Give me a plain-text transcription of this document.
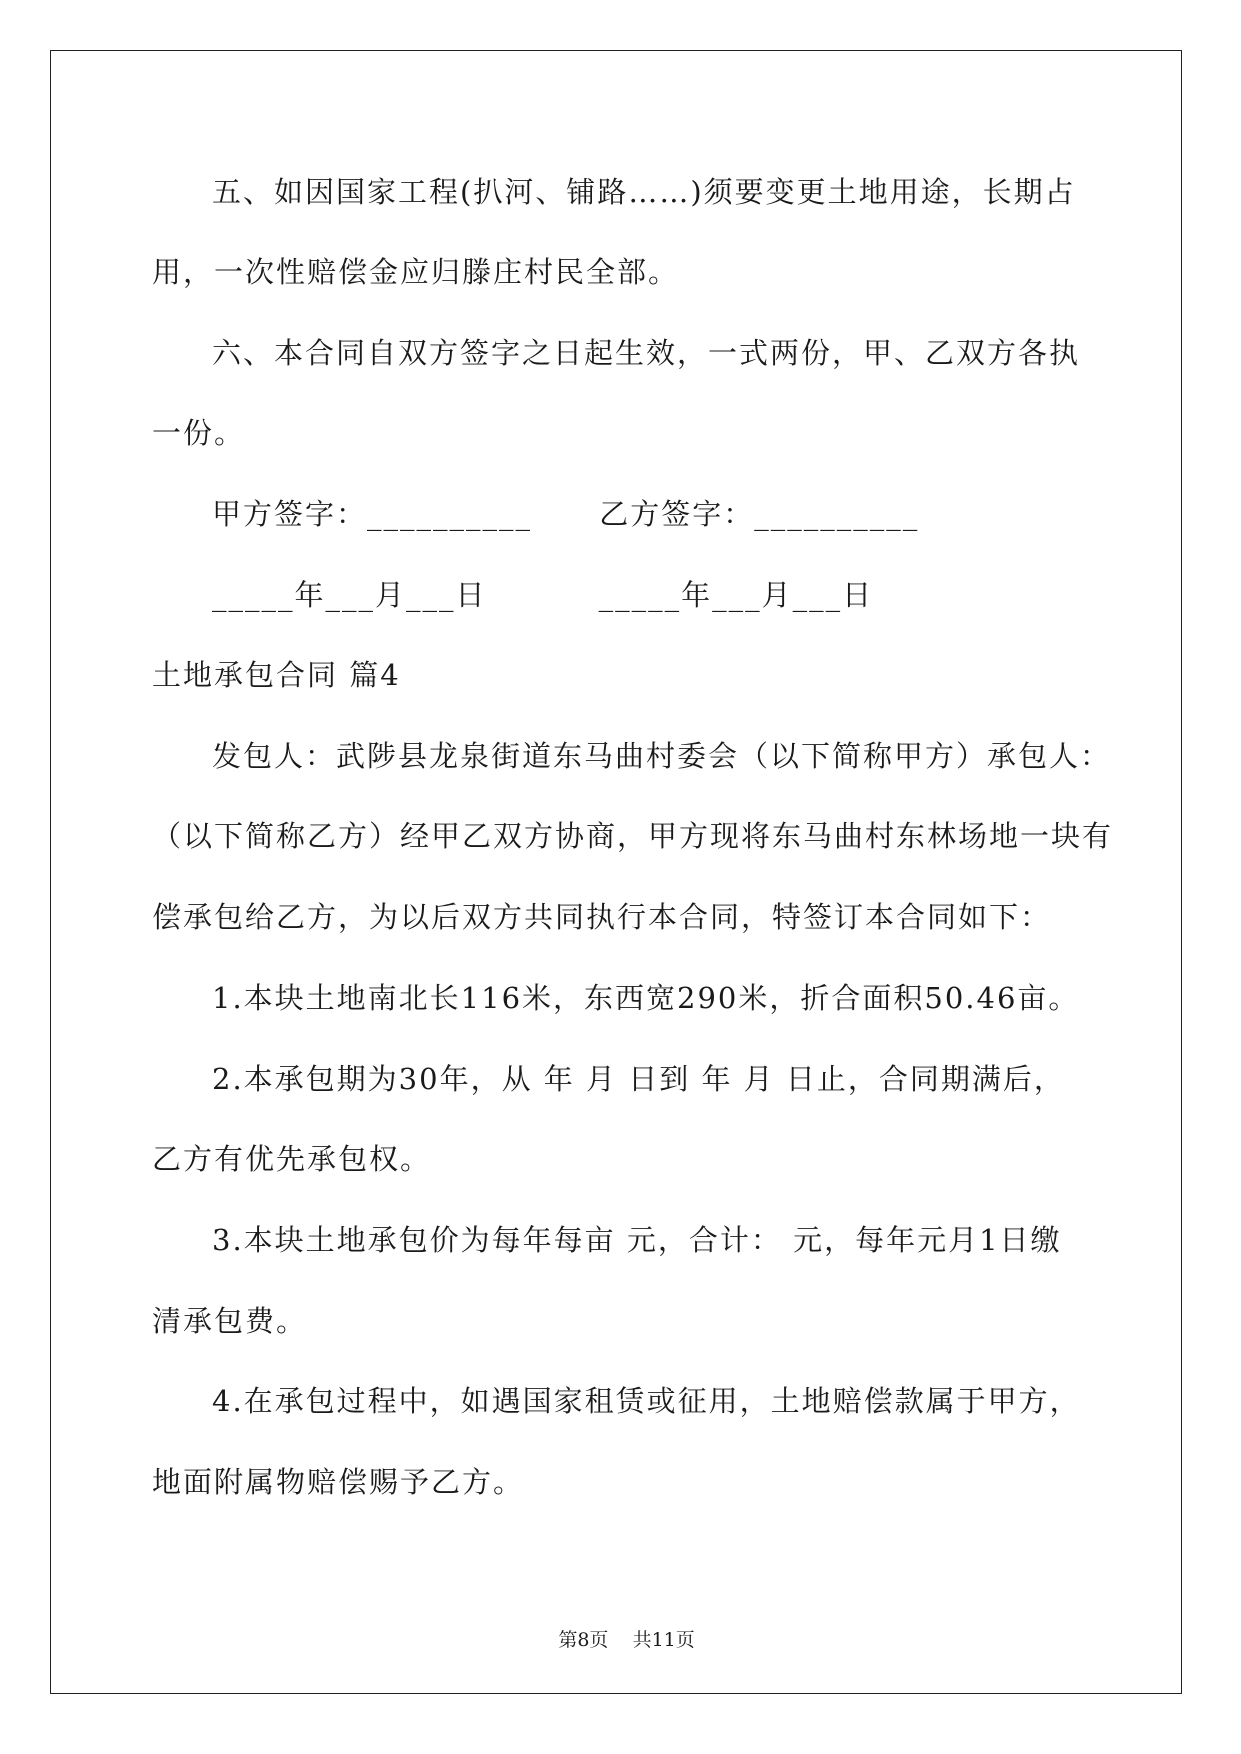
五、如因国家工程(扒河、铺路……)须要变更土地用途，长期占
用，一次性赔偿金应归滕庄村民全部。
六、本合同自双方签字之日起生效，一式两份，甲、乙双方各执
一份。
甲方签字：__________      乙方签字：__________
_____年___月___日          _____年___月___日
土地承包合同 篇4
发包人：武陟县龙泉街道东马曲村委会（以下简称甲方）承包人：
（以下简称乙方）经甲乙双方协商，甲方现将东马曲村东林场地一块有
偿承包给乙方，为以后双方共同执行本合同，特签订本合同如下：
1.本块土地南北长116米，东西宽290米，折合面积50.46亩。
2.本承包期为30年，从 年 月 日到 年 月 日止，合同期满后，
乙方有优先承包权。
3.本块土地承包价为每年每亩 元，合计： 元，每年元月1日缴
清承包费。
4.在承包过程中，如遇国家租赁或征用，土地赔偿款属于甲方，
地面附属物赔偿赐予乙方。

第8页 共11页
